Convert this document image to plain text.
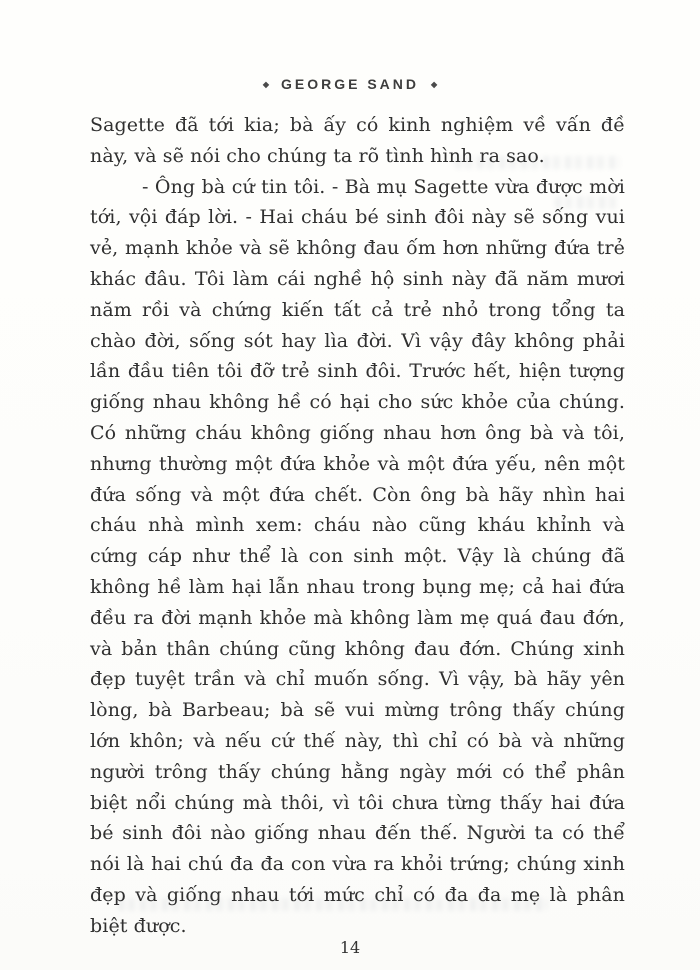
◆ GEORGE SAND ◆

Sagette đã tới kia; bà ấy có kinh nghiệm về vấn đề này, và sẽ nói cho chúng ta rõ tình hình ra sao.

- Ông bà cứ tin tôi. - Bà mụ Sagette vừa được mời tới, vội đáp lời. - Hai cháu bé sinh đôi này sẽ sống vui vẻ, mạnh khỏe và sẽ không đau ốm hơn những đứa trẻ khác đâu. Tôi làm cái nghề hộ sinh này đã năm mươi năm rồi và chứng kiến tất cả trẻ nhỏ trong tổng ta chào đời, sống sót hay lìa đời. Vì vậy đây không phải lần đầu tiên tôi đỡ trẻ sinh đôi. Trước hết, hiện tượng giống nhau không hề có hại cho sức khỏe của chúng. Có những cháu không giống nhau hơn ông bà và tôi, nhưng thường một đứa khỏe và một đứa yếu, nên một đứa sống và một đứa chết. Còn ông bà hãy nhìn hai cháu nhà mình xem: cháu nào cũng kháu khỉnh và cứng cáp như thể là con sinh một. Vậy là chúng đã không hề làm hại lẫn nhau trong bụng mẹ; cả hai đứa đều ra đời mạnh khỏe mà không làm mẹ quá đau đớn, và bản thân chúng cũng không đau đớn. Chúng xinh đẹp tuyệt trần và chỉ muốn sống. Vì vậy, bà hãy yên lòng, bà Barbeau; bà sẽ vui mừng trông thấy chúng lớn khôn; và nếu cứ thế này, thì chỉ có bà và những người trông thấy chúng hằng ngày mới có thể phân biệt nổi chúng mà thôi, vì tôi chưa từng thấy hai đứa bé sinh đôi nào giống nhau đến thế. Người ta có thể nói là hai chú đa đa con vừa ra khỏi trứng; chúng xinh đẹp và giống nhau tới mức chỉ có đa đa mẹ là phân biệt được.

14
